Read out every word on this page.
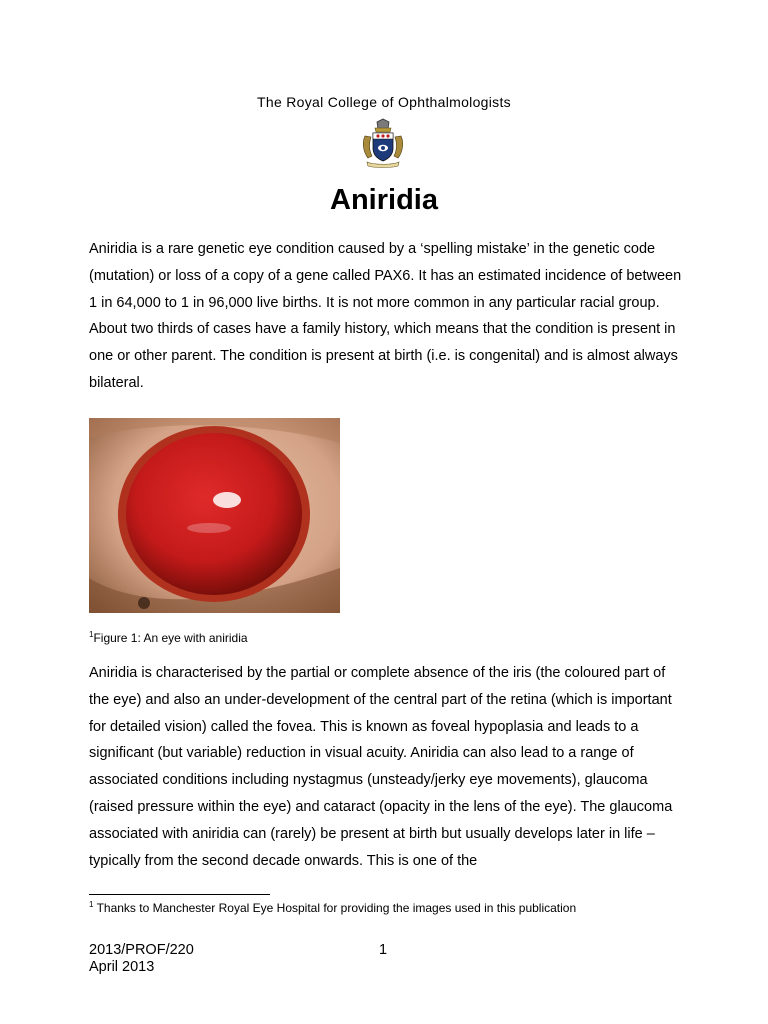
The Royal College of Ophthalmologists
Aniridia
Aniridia is a rare genetic eye condition caused by a ‘spelling mistake’ in the genetic code (mutation) or loss of a copy of a gene called PAX6. It has an estimated incidence of between 1 in 64,000 to 1 in 96,000 live births. It is not more common in any particular racial group. About two thirds of cases have a family history, which means that the condition is present in one or other parent. The condition is present at birth (i.e. is congenital) and is almost always bilateral.
$^1$Figure 1: An eye with aniridia
Aniridia is characterised by the partial or complete absence of the iris (the coloured part of the eye) and also an under-development of the central part of the retina (which is important for detailed vision) called the fovea. This is known as foveal hypoplasia and leads to a significant (but variable) reduction in visual acuity. Aniridia can also lead to a range of associated conditions including nystagmus (unsteady/jerky eye movements), glaucoma (raised pressure within the eye) and cataract (opacity in the lens of the eye). The glaucoma associated with aniridia can (rarely) be present at birth but usually develops later in life – typically from the second decade onwards. This is one of the
$^1$ Thanks to Manchester Royal Eye Hospital for providing the images used in this publication
2013/PROF/220
April 2013
1
